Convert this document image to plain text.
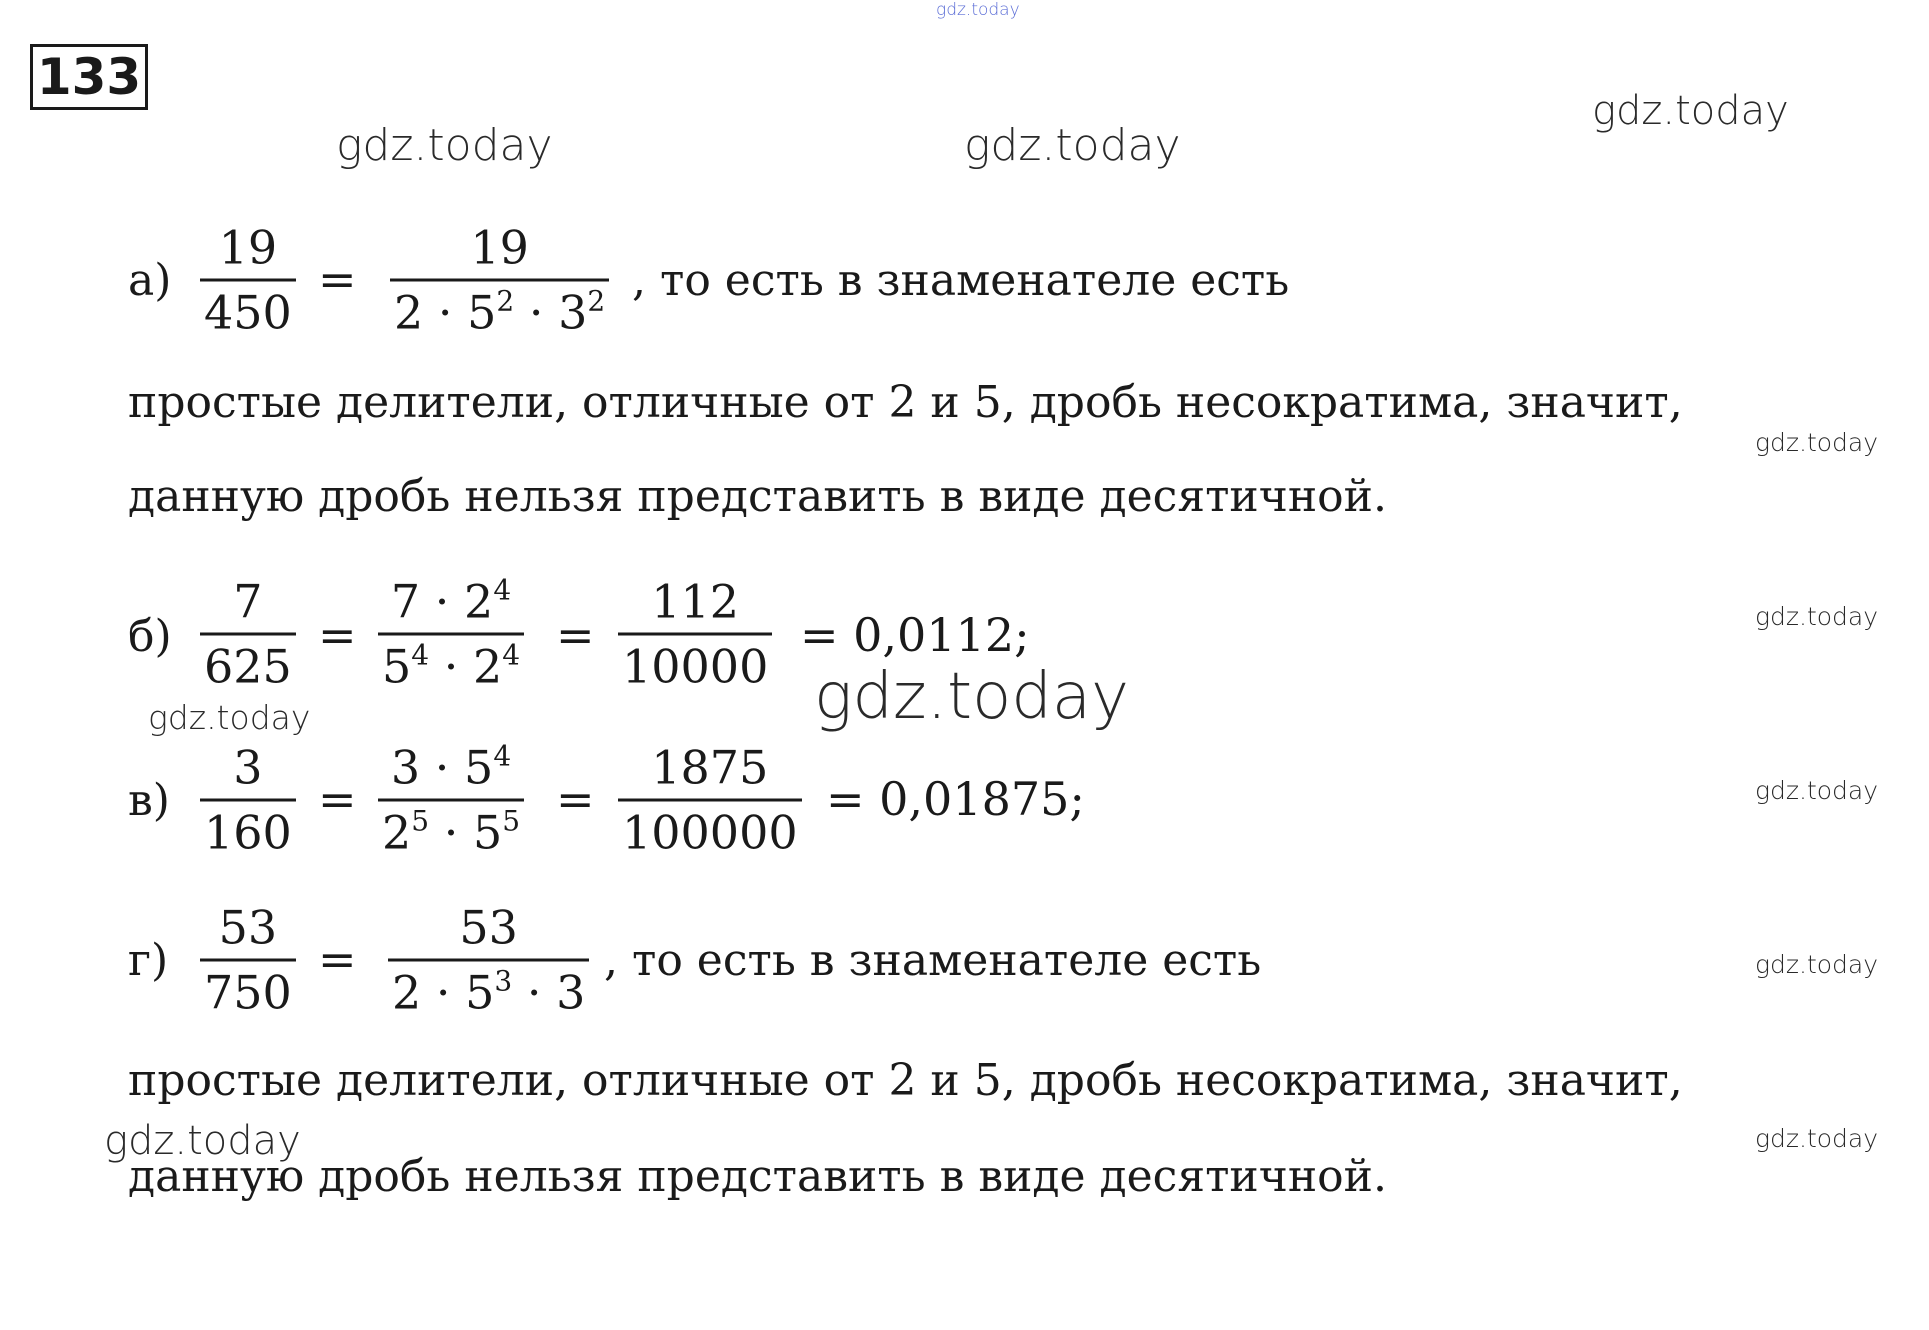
133
gdz.today
gdz.today
gdz.today	gdz.today
gdz.today
gdz.today
gdz.today	gdz.today
gdz.today
gdz.today
gdz.today
gdz.today
а)
19
450
=
19
$2 \cdot 5^2 \cdot 3^2$ , то есть в знаменателе есть
простые делители, отличные от 2 и 5, дробь несократима, значит,
данную дробь нельзя представить в виде десятичной.
б)
7
625
=
$7 \cdot 2^4$
$5^4 \cdot 2^4$ =
112
10000
= 0,0112;
в)
3
160
=
$3 \cdot 5^4$
$2^5 \cdot 5^5$ =
1875
100000
= 0,01875;
г)
53
750
=
53
$2 \cdot 5^3 \cdot 3$
, то есть в знаменателе есть
простые делители, отличные от 2 и 5, дробь несократима, значит,
данную дробь нельзя представить в виде десятичной.
